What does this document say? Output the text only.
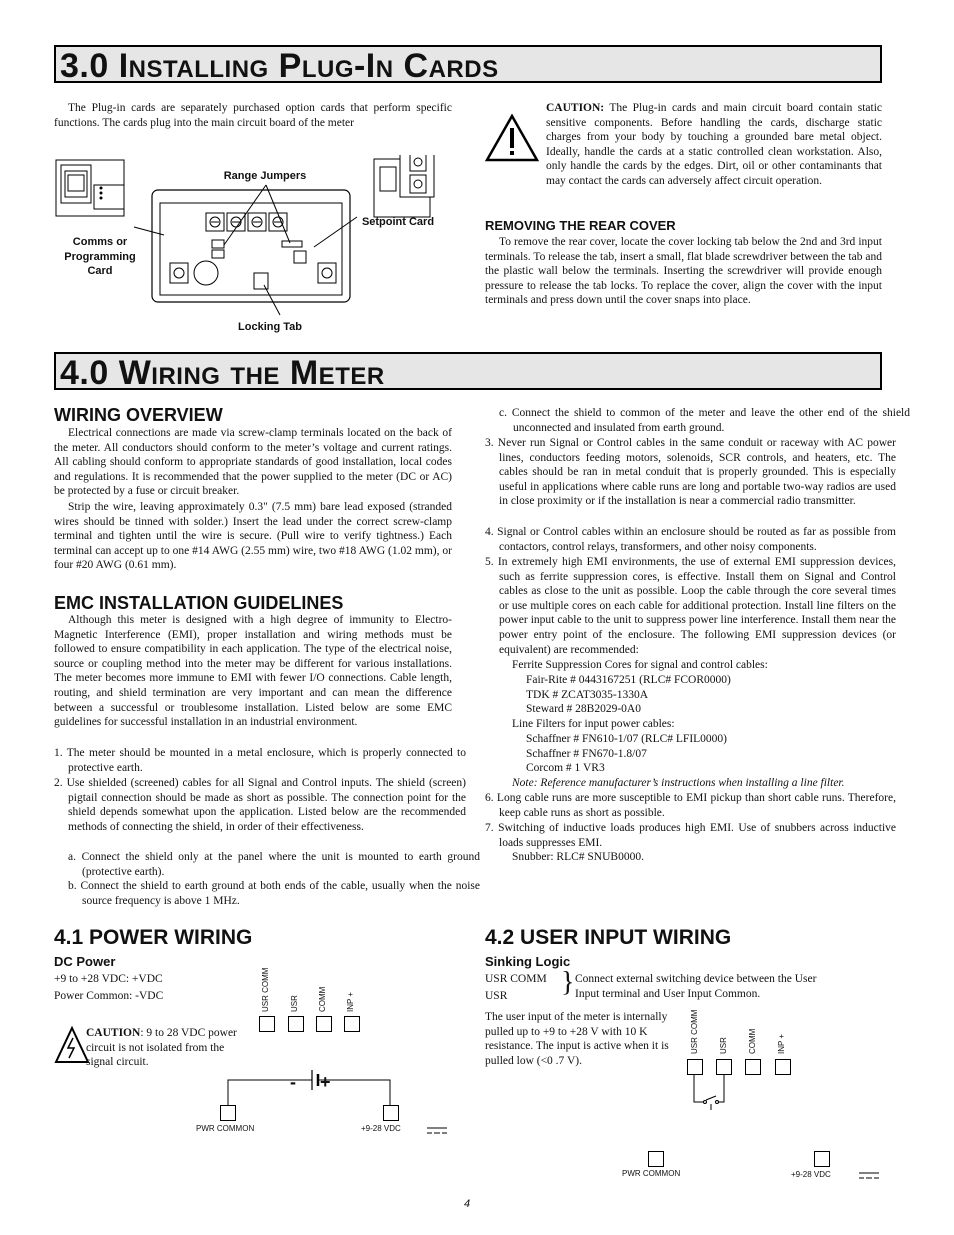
3.0 Installing Plug-In Cards
The Plug-in cards are separately purchased option cards that perform specific functions. The cards plug into the main circuit board of the meter
Range Jumpers
Setpoint Card
Comms or Programming Card
Locking Tab
CAUTION: The Plug-in cards and main circuit board contain static sensitive components. Before handling the cards, discharge static charges from your body by touching a grounded bare metal object. Ideally, handle the cards at a static controlled clean workstation. Also, only handle the cards by the edges. Dirt, oil or other contaminants that may contact the cards can adversely affect circuit operation.
REMOVING THE REAR COVER
To remove the rear cover, locate the cover locking tab below the 2nd and 3rd input terminals. To release the tab, insert a small, flat blade screwdriver between the tab and the plastic wall below the terminals. Inserting the screwdriver will provide enough pressure to release the tab locks. To replace the cover, align the cover with the input terminals and press down until the cover snaps into place.
4.0 Wiring the Meter
WIRING OVERVIEW
Electrical connections are made via screw-clamp terminals located on the back of the meter. All conductors should conform to the meter’s voltage and current ratings. All cabling should conform to appropriate standards of good installation, local codes and regulations. It is recommended that the power supplied to the meter (DC or AC) be protected by a fuse or circuit breaker.
Strip the wire, leaving approximately 0.3" (7.5 mm) bare lead exposed (stranded wires should be tinned with solder.) Insert the lead under the correct screw-clamp terminal and tighten until the wire is secure. (Pull wire to verify tightness.) Each terminal can accept up to one #14 AWG (2.55 mm) wire, two #18 AWG (1.02 mm), or four #20 AWG (0.61 mm).
EMC INSTALLATION GUIDELINES
Although this meter is designed with a high degree of immunity to Electro-Magnetic Interference (EMI), proper installation and wiring methods must be followed to ensure compatibility in each application. The type of the electrical noise, source or coupling method into the meter may be different for various installations. The meter becomes more immune to EMI with fewer I/O connections. Cable length, routing, and shield termination are very important and can mean the difference between a successful or troublesome installation. Listed below are some EMC guidelines for successful installation in an industrial environment.
1. The meter should be mounted in a metal enclosure, which is properly connected to protective earth.
2. Use shielded (screened) cables for all Signal and Control inputs. The shield (screen) pigtail connection should be made as short as possible. The connection point for the shield depends somewhat upon the application. Listed below are the recommended methods of connecting the shield, in order of their effectiveness.
a. Connect the shield only at the panel where the unit is mounted to earth ground (protective earth).
b. Connect the shield to earth ground at both ends of the cable, usually when the noise source frequency is above 1 MHz.
c. Connect the shield to common of the meter and leave the other end of the shield unconnected and insulated from earth ground.
3. Never run Signal or Control cables in the same conduit or raceway with AC power lines, conductors feeding motors, solenoids, SCR controls, and heaters, etc. The cables should be ran in metal conduit that is properly grounded. This is especially useful in applications where cable runs are long and portable two-way radios are used in close proximity or if the installation is near a commercial radio transmitter.
4. Signal or Control cables within an enclosure should be routed as far as possible from contactors, control relays, transformers, and other noisy components.
5. In extremely high EMI environments, the use of external EMI suppression devices, such as ferrite suppression cores, is effective. Install them on Signal and Control cables as close to the unit as possible. Loop the cable through the core several times or use multiple cores on each cable for additional protection. Install line filters on the power input cable to the unit to suppress power line interference. Install them near the power entry point of the enclosure. The following EMI suppression devices (or equivalent) are recommended:
Ferrite Suppression Cores for signal and control cables:
Fair-Rite # 0443167251 (RLC# FCOR0000)
TDK # ZCAT3035-1330A
Steward # 28B2029-0A0
Line Filters for input power cables:
Schaffner # FN610-1/07 (RLC# LFIL0000)
Schaffner # FN670-1.8/07
Corcom # 1 VR3
Note: Reference manufacturer’s instructions when installing a line filter.
6. Long cable runs are more susceptible to EMI pickup than short cable runs. Therefore, keep cable runs as short as possible.
7. Switching of inductive loads produces high EMI. Use of snubbers across inductive loads suppresses EMI.
Snubber: RLC# SNUB0000.
4.1 POWER WIRING
DC Power
+9 to +28 VDC: +VDC
Power Common: -VDC
CAUTION: 9 to 28 VDC power circuit is not isolated from the signal circuit.
USR COMM	USR COMM INP +
- +
PWR COMMON	+9-28 VDC
4.2 USER INPUT WIRING
Sinking Logic
USR COMM
USR } Connect external switching device between the User Input terminal and User Input Common.
The user input of the meter is internally pulled up to +9 to +28 V with 10 K resistance. The input is active when it is pulled low (<0 .7 V).
USR COMM	USR	COMM	INP +
PWR COMMON	+9-28 VDC
4
